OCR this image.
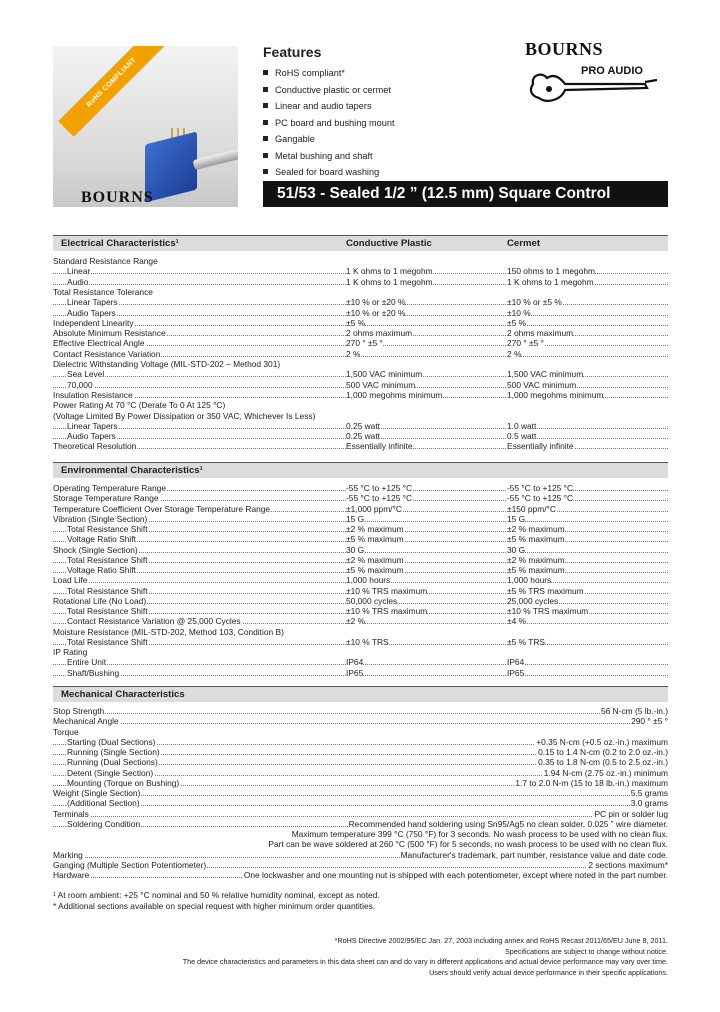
RoHS COMPLIANT
BOURNS
Features
RoHS compliant*
Conductive plastic or cermet
Linear and audio tapers
PC board and bushing mount
Gangable
Metal bushing and shaft
Sealed for board washing
BOURNS
PRO AUDIO
51/53 - Sealed 1/2 ” (12.5 mm) Square Control
Electrical Characteristics¹	Conductive Plastic	Cermet
Standard Resistance Range
Linear	1 K ohms to 1 megohm	150 ohms to 1 megohm
Audio	1 K ohms to 1 megohm	1 K ohms to 1 megohm
Total Resistance Tolerance
Linear Tapers	±10 % or ±20 %	±10 % or ±5 %
Audio Tapers	±10 % or ±20 %	±10 %
Independent Linearity	±5 %	±5 %
Absolute Minimum Resistance	2 ohms maximum	2 ohms maximum
Effective Electrical Angle	270 ° ±5 °	270 ° ±5 °
Contact Resistance Variation	2 %	2 %
Dielectric Withstanding Voltage (MIL-STD-202 – Method 301)
Sea Level	1,500 VAC minimum	1,500 VAC minimum
70,000	500 VAC minimum	500 VAC minimum
Insulation Resistance	1,000 megohms minimum	1,000 megohms minimum
Power Rating At 70 °C (Derate To 0 At 125 °C)
(Voltage Limited By Power Dissipation or 350 VAC, Whichever Is Less)
Linear Tapers	0.25 watt	1.0 watt
Audio Tapers	0.25 watt	0.5 watt
Theoretical Resolution	Essentially infinite	Essentially infinite
Environmental Characteristics¹
Operating Temperature Range	-55 °C to +125 °C	-55 °C to +125 °C
Storage Temperature Range	-55 °C to +125 °C	-55 °C to +125 °C
Temperature Coefficient Over Storage Temperature Range	±1,000 ppm/°C	±150 ppm/°C
Vibration (Single Section)	15 G	15 G
Total Resistance Shift	±2 % maximum	±2 % maximum
Voltage Ratio Shift	±5 % maximum	±5 % maximum
Shock (Single Section)	30 G	30 G
Total Resistance Shift	±2 % maximum	±2 % maximum
Voltage Ratio Shift	±5 % maximum	±5 % maximum
Load Life	1,000 hours	1,000 hours
Total Resistance Shift	±10 % TRS maximum	±5 % TRS maximum
Rotational Life (No Load)	50,000 cycles	25,000 cycles
Total Resistance Shift	±10 % TRS maximum	±10 % TRS maximum
Contact Resistance Variation @ 25,000 Cycles	±2 %	±4 %
Moisture Resistance (MIL-STD-202, Method 103, Condition B)
Total Resistance Shift	±10 % TRS	±5 % TRS
IP Rating
Entire Unit	IP64	IP64
Shaft/Bushing	IP65	IP65
Mechanical Characteristics
Stop Strength	56 N-cm (5 lb.-in.)
Mechanical Angle	290 ° ±5 °
Torque
Starting (Dual Sections)	+0.35 N-cm (+0.5 oz.-in.) maximum
Running (Single Section)	0.15 to 1.4 N-cm (0.2 to 2.0 oz.-in.)
Running (Dual Sections)	0.35 to 1.8 N-cm (0.5 to 2.5 oz.-in.)
Detent (Single Section)	1.94 N-cm (2.75 oz.-in.) minimum
Mounting (Torque on Bushing)	1.7 to 2.0 N-m (15 to 18 lb.-in.) maximum
Weight (Single Section)	5.5 grams
(Additional Section)	3.0 grams
Terminals	PC pin or solder lug
Soldering Condition	Recommended hand soldering using Sn95/Ag5 no clean solder, 0.025 ” wire diameter.
Maximum temperature 399 °C (750 °F) for 3 seconds. No wash process to be used with no clean flux.
Part can be wave soldered at 260 °C (500 °F) for 5 seconds, no wash process to be used with no clean flux.
Marking	Manufacturer's trademark, part number, resistance value and date code.
Ganging (Multiple Section Potentiometer)	2 sections maximum*
Hardware	One lockwasher and one mounting nut is shipped with each potentiometer, except where noted in the part number.
¹ At room ambient: +25 °C nominal and 50 % relative humidity nominal, except as noted.
* Additional sections available on special request with higher minimum order quantities.
*RoHS Directive 2002/95/EC Jan. 27, 2003 including annex and RoHS Recast 2011/65/EU June 8, 2011.
Specifications are subject to change without notice.
The device characteristics and parameters in this data sheet can and do vary in different applications and actual device performance may vary over time.
Users should verify actual device performance in their specific applications.
